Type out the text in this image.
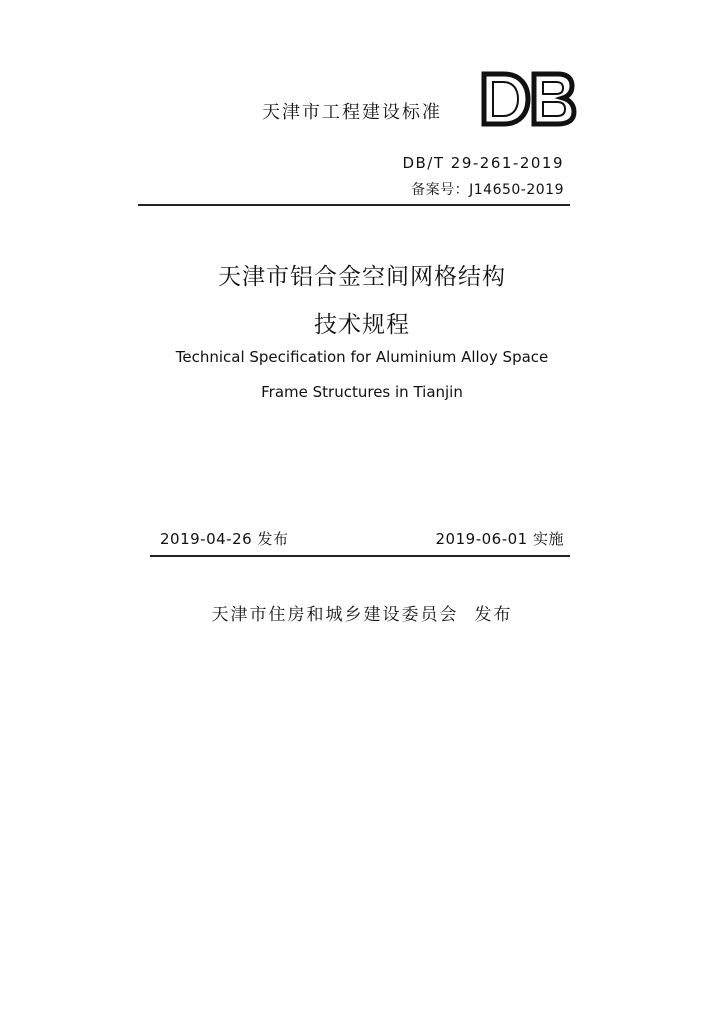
天津市工程建设标准
DB/T 29-261-2019
备案号：J14650-2019
天津市铝合金空间网格结构
技术规程
Technical Specification for Aluminium Alloy Space
Frame Structures in Tianjin
2019-04-26 发布	2019-06-01 实施
天津市住房和城乡建设委员会 发布
